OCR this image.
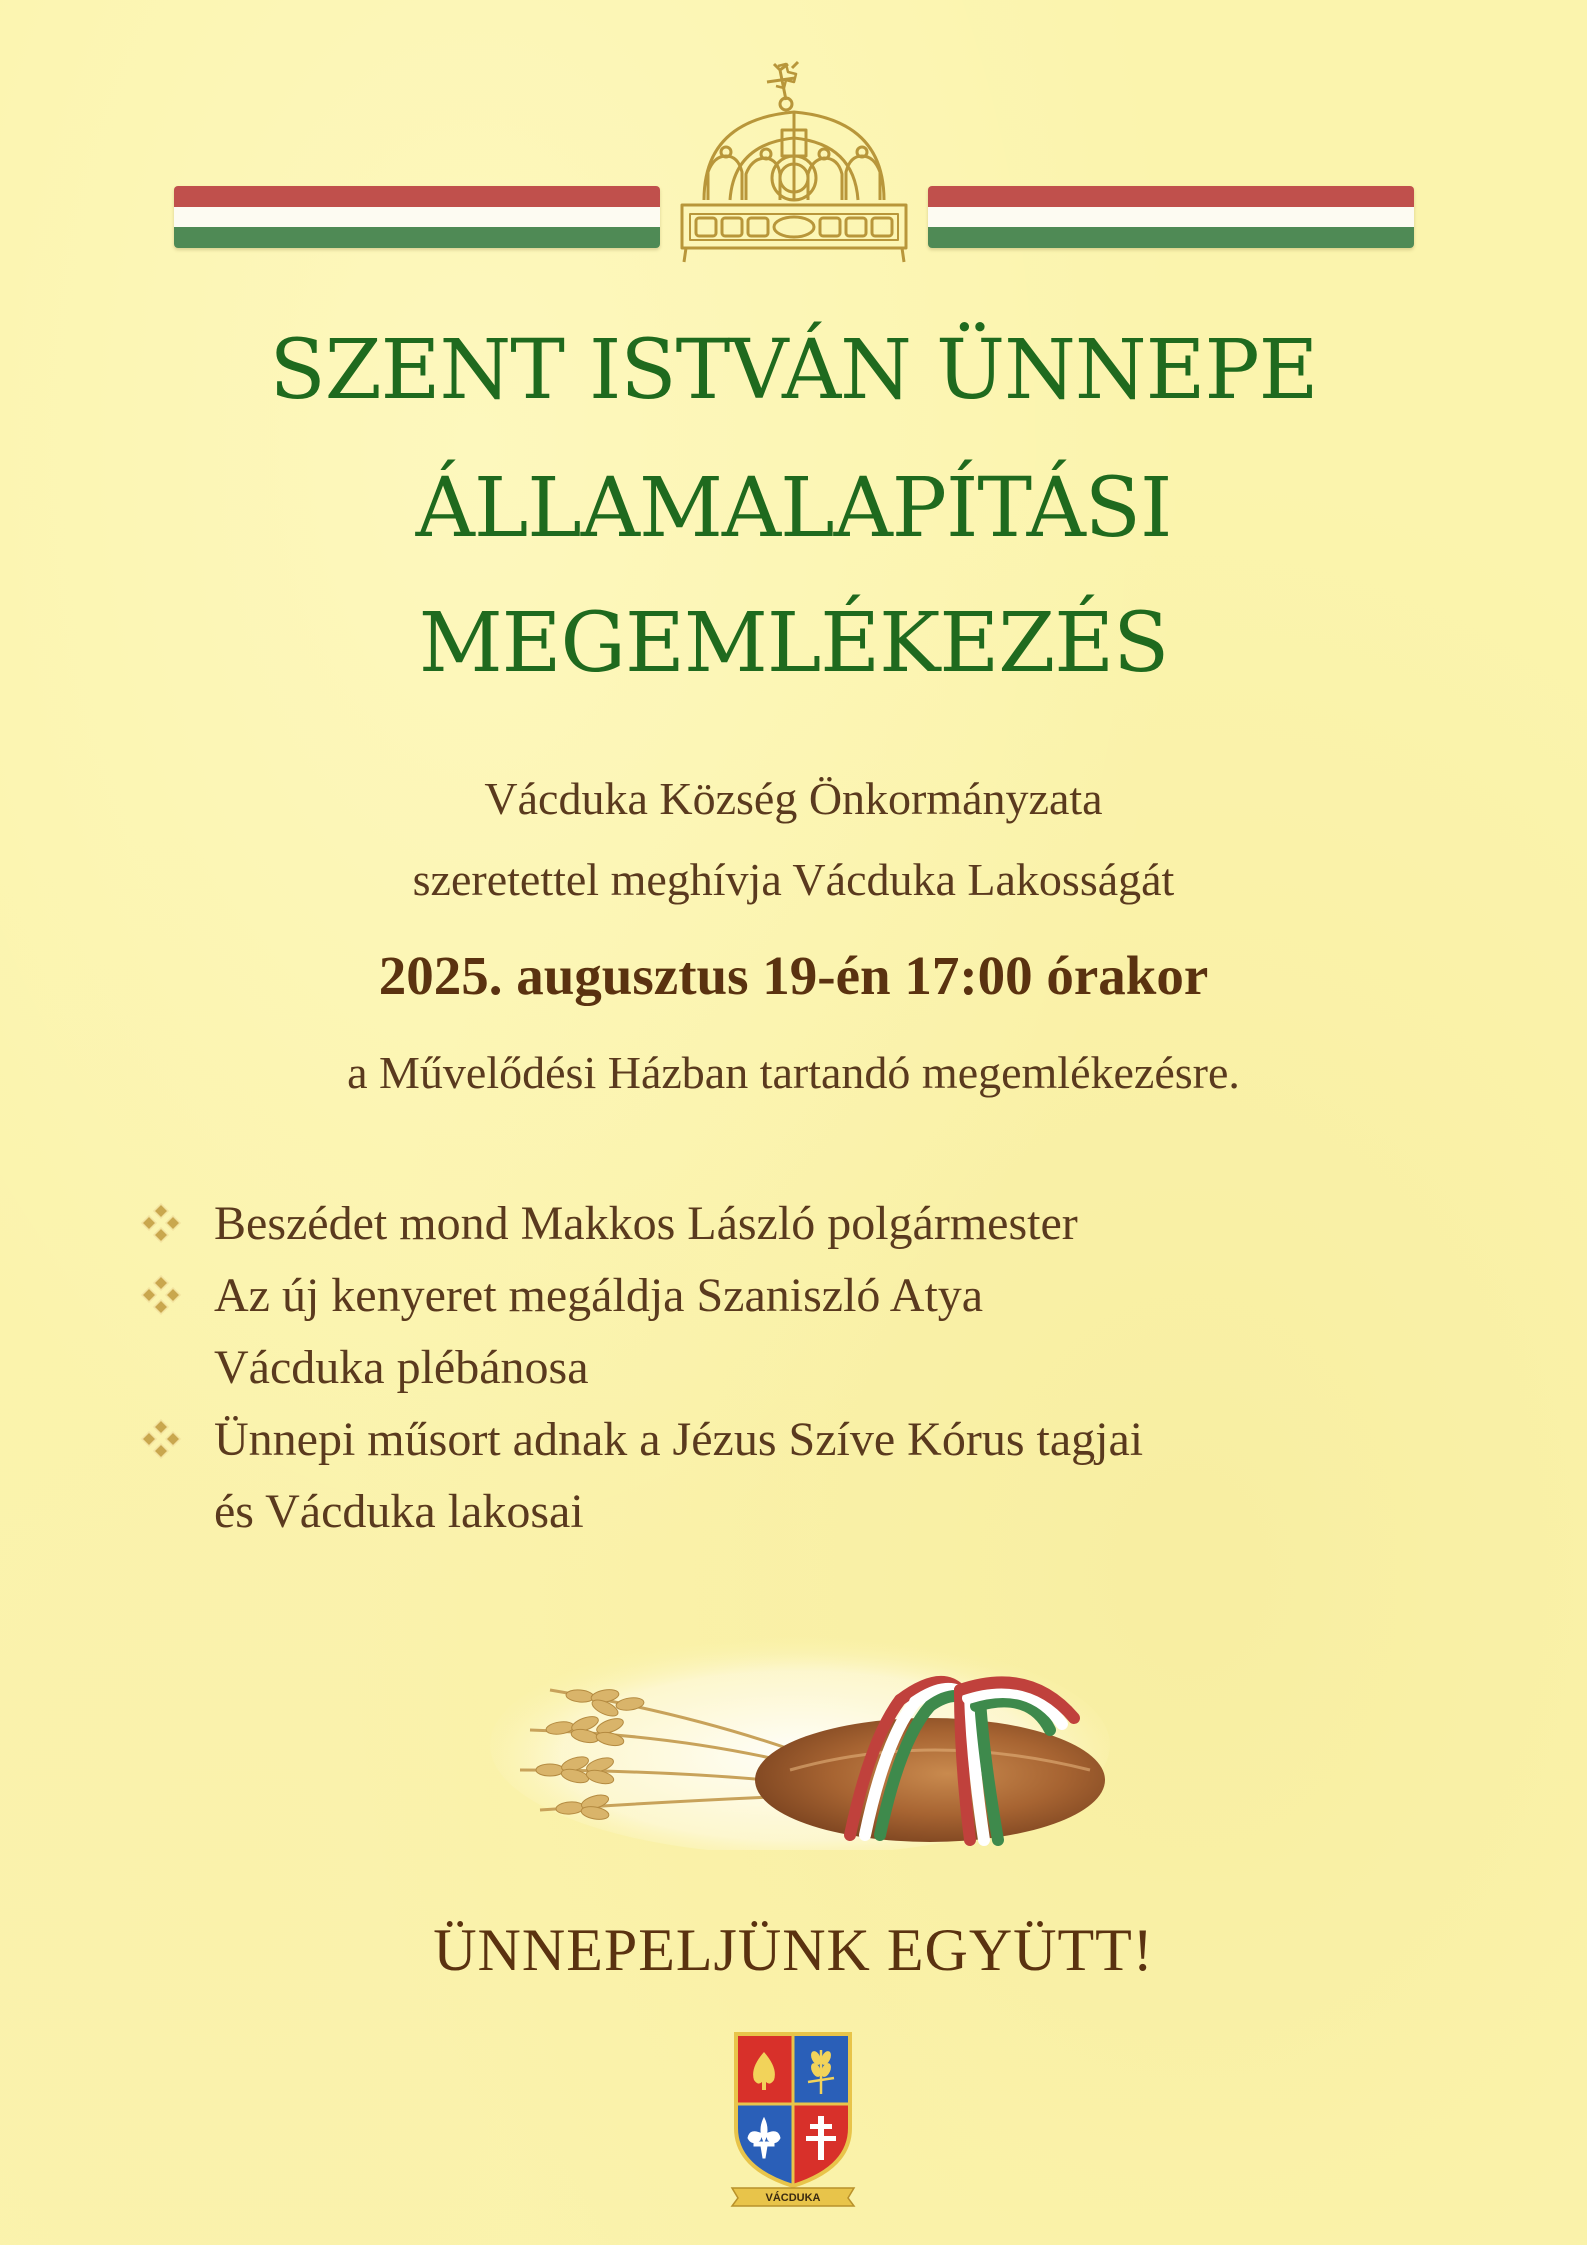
SZENT ISTVÁN ÜNNEPE
ÁLLAMALAPÍTÁSI
MEGEMLÉKEZÉS
Vácduka Község Önkormányzata
szeretettel meghívja Vácduka Lakosságát
2025. augusztus 19-én 17:00 órakor
a Művelődési Házban tartandó megemlékezésre.
Beszédet mond Makkos László polgármester
Az új kenyeret megáldja Szaniszló Atya
Vácduka plébánosa
Ünnepi műsort adnak a Jézus Szíve Kórus tagjai
és Vácduka lakosai
ÜNNEPELJÜNK EGYÜTT!
VÁCDUKA
